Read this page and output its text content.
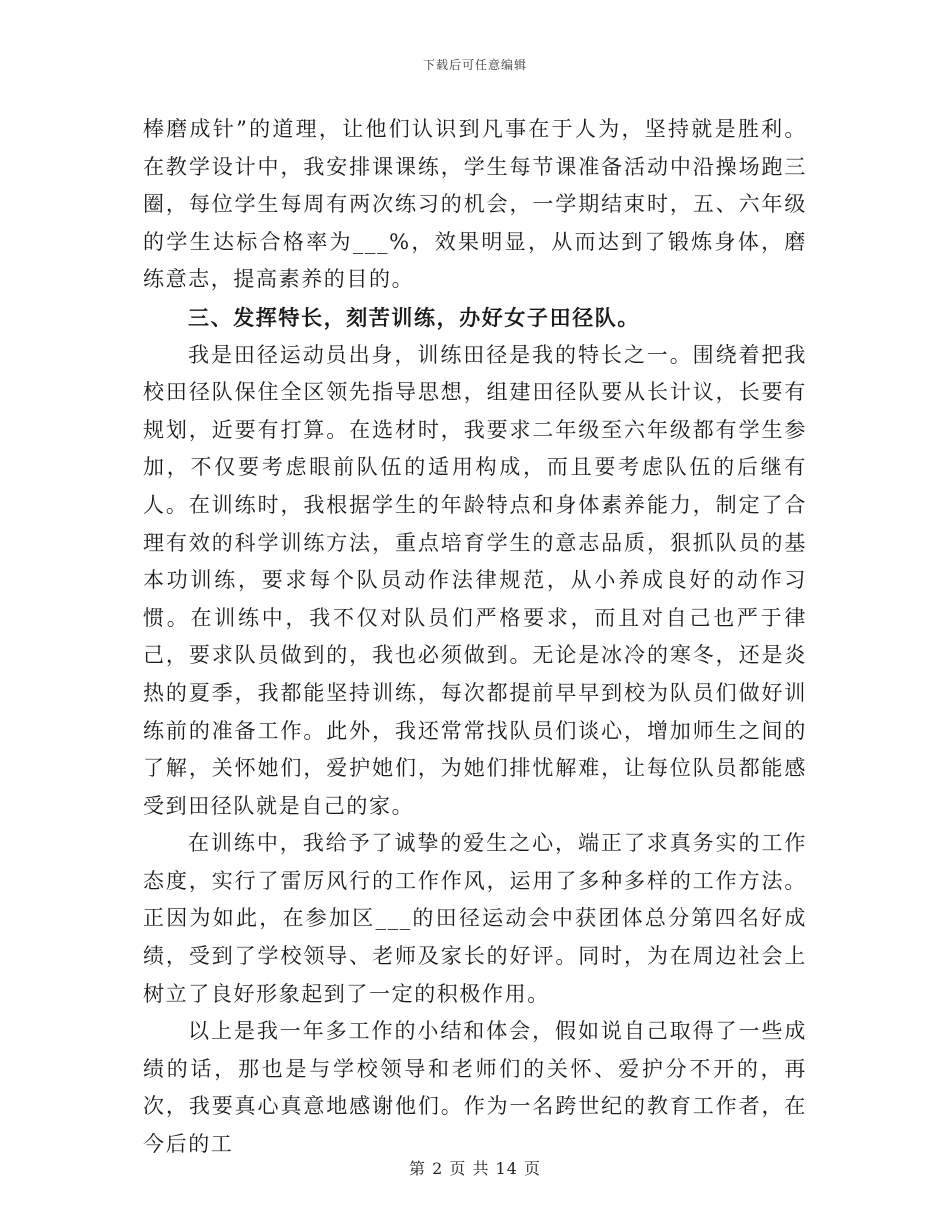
下载后可任意编辑

棒磨成针”的道理，让他们认识到凡事在于人为，坚持就是胜利。在教学设计中，我安排课课练，学生每节课准备活动中沿操场跑三圈，每位学生每周有两次练习的机会，一学期结束时，五、六年级的学生达标合格率为___%，效果明显，从而达到了锻炼身体，磨练意志，提高素养的目的。

三、发挥特长，刻苦训练，办好女子田径队。

我是田径运动员出身，训练田径是我的特长之一。围绕着把我校田径队保住全区领先指导思想，组建田径队要从长计议，长要有规划，近要有打算。在选材时，我要求二年级至六年级都有学生参加，不仅要考虑眼前队伍的适用构成，而且要考虑队伍的后继有人。在训练时，我根据学生的年龄特点和身体素养能力，制定了合理有效的科学训练方法，重点培育学生的意志品质，狠抓队员的基本功训练，要求每个队员动作法律规范，从小养成良好的动作习惯。在训练中，我不仅对队员们严格要求，而且对自己也严于律己，要求队员做到的，我也必须做到。无论是冰冷的寒冬，还是炎热的夏季，我都能坚持训练，每次都提前早早到校为队员们做好训练前的准备工作。此外，我还常常找队员们谈心，增加师生之间的了解，关怀她们，爱护她们，为她们排忧解难，让每位队员都能感受到田径队就是自己的家。

在训练中，我给予了诚挚的爱生之心，端正了求真务实的工作态度，实行了雷厉风行的工作作风，运用了多种多样的工作方法。正因为如此，在参加区___的田径运动会中获团体总分第四名好成绩，受到了学校领导、老师及家长的好评。同时，为在周边社会上树立了良好形象起到了一定的积极作用。

以上是我一年多工作的小结和体会，假如说自己取得了一些成绩的话，那也是与学校领导和老师们的关怀、爱护分不开的，再次，我要真心真意地感谢他们。作为一名跨世纪的教育工作者，在今后的工

第 2 页 共 14 页
